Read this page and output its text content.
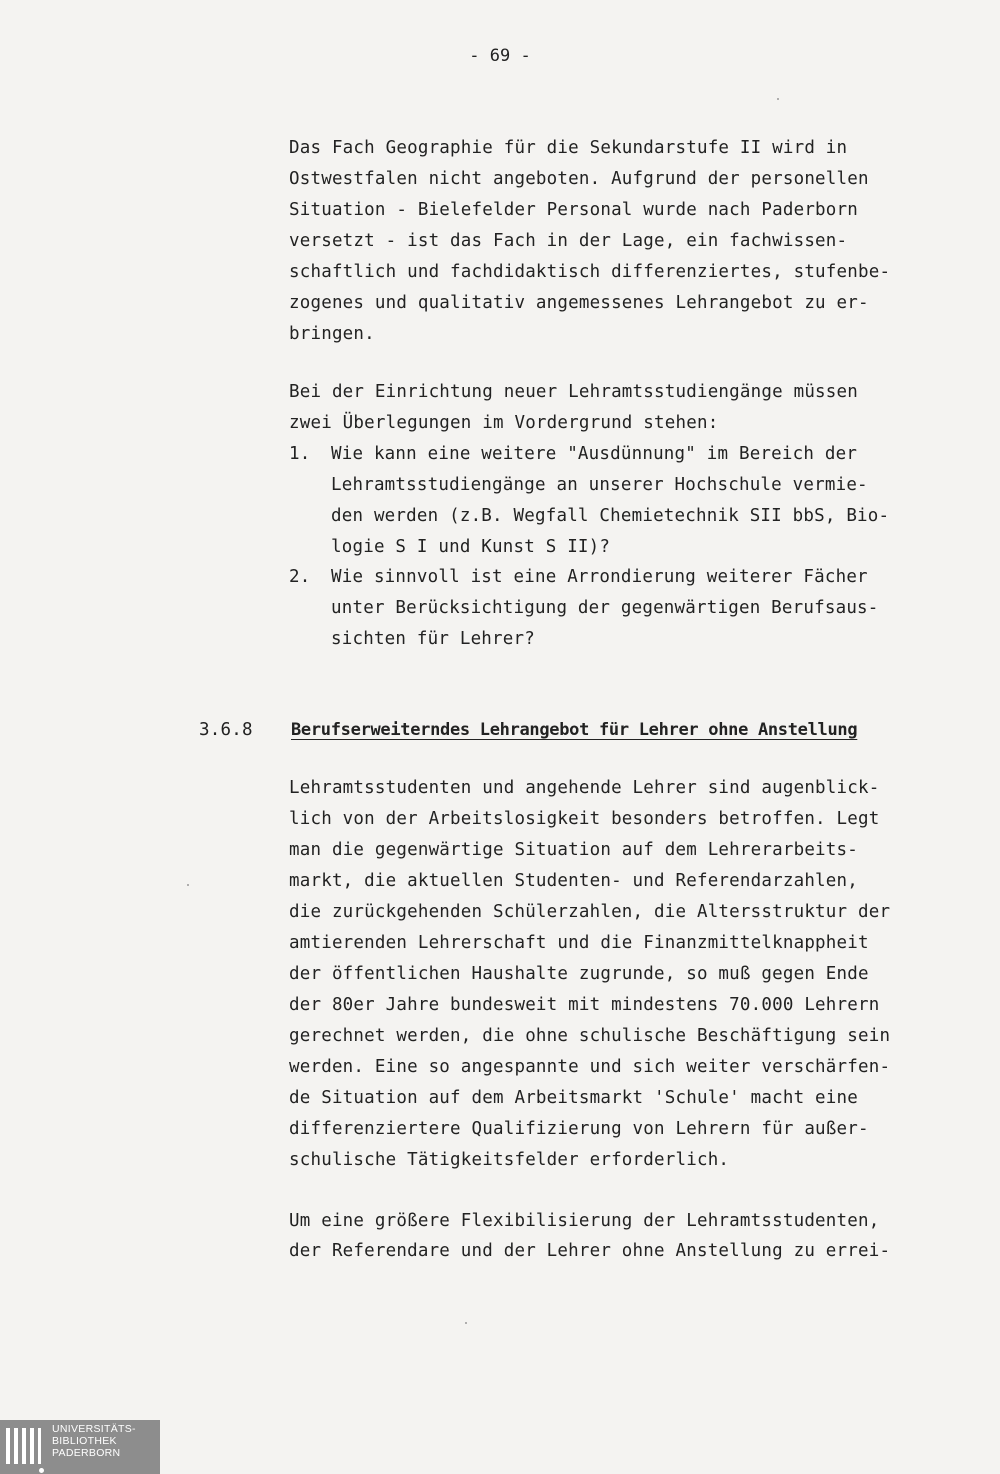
- 69 -
Das Fach Geographie für die Sekundarstufe II wird in
Ostwestfalen nicht angeboten. Aufgrund der personellen
Situation - Bielefelder Personal wurde nach Paderborn
versetzt - ist das Fach in der Lage, ein fachwissen-
schaftlich und fachdidaktisch differenziertes, stufenbe-
zogenes und qualitativ angemessenes Lehrangebot zu er-
bringen.
Bei der Einrichtung neuer Lehramtsstudiengänge müssen
zwei Überlegungen im Vordergrund stehen:
1. Wie kann eine weitere "Ausdünnung" im Bereich der
Lehramtsstudiengänge an unserer Hochschule vermie-
den werden (z.B. Wegfall Chemietechnik SII bbS, Bio-
logie S I und Kunst S II)?
2. Wie sinnvoll ist eine Arrondierung weiterer Fächer
unter Berücksichtigung der gegenwärtigen Berufsaus-
sichten für Lehrer?
3.6.8 Berufserweiterndes Lehrangebot für Lehrer ohne Anstellung
Lehramtsstudenten und angehende Lehrer sind augenblick-
lich von der Arbeitslosigkeit besonders betroffen. Legt
man die gegenwärtige Situation auf dem Lehrerarbeits-
markt, die aktuellen Studenten- und Referendarzahlen,
die zurückgehenden Schülerzahlen, die Altersstruktur der
amtierenden Lehrerschaft und die Finanzmittelknappheit
der öffentlichen Haushalte zugrunde, so muß gegen Ende
der 80er Jahre bundesweit mit mindestens 70.000 Lehrern
gerechnet werden, die ohne schulische Beschäftigung sein
werden. Eine so angespannte und sich weiter verschärfen-
de Situation auf dem Arbeitsmarkt 'Schule' macht eine
differenziertere Qualifizierung von Lehrern für außer-
schulische Tätigkeitsfelder erforderlich.
Um eine größere Flexibilisierung der Lehramtsstudenten,
der Referendare und der Lehrer ohne Anstellung zu errei-
UNIVERSITÄTS-
BIBLIOTHEK
PADERBORN
